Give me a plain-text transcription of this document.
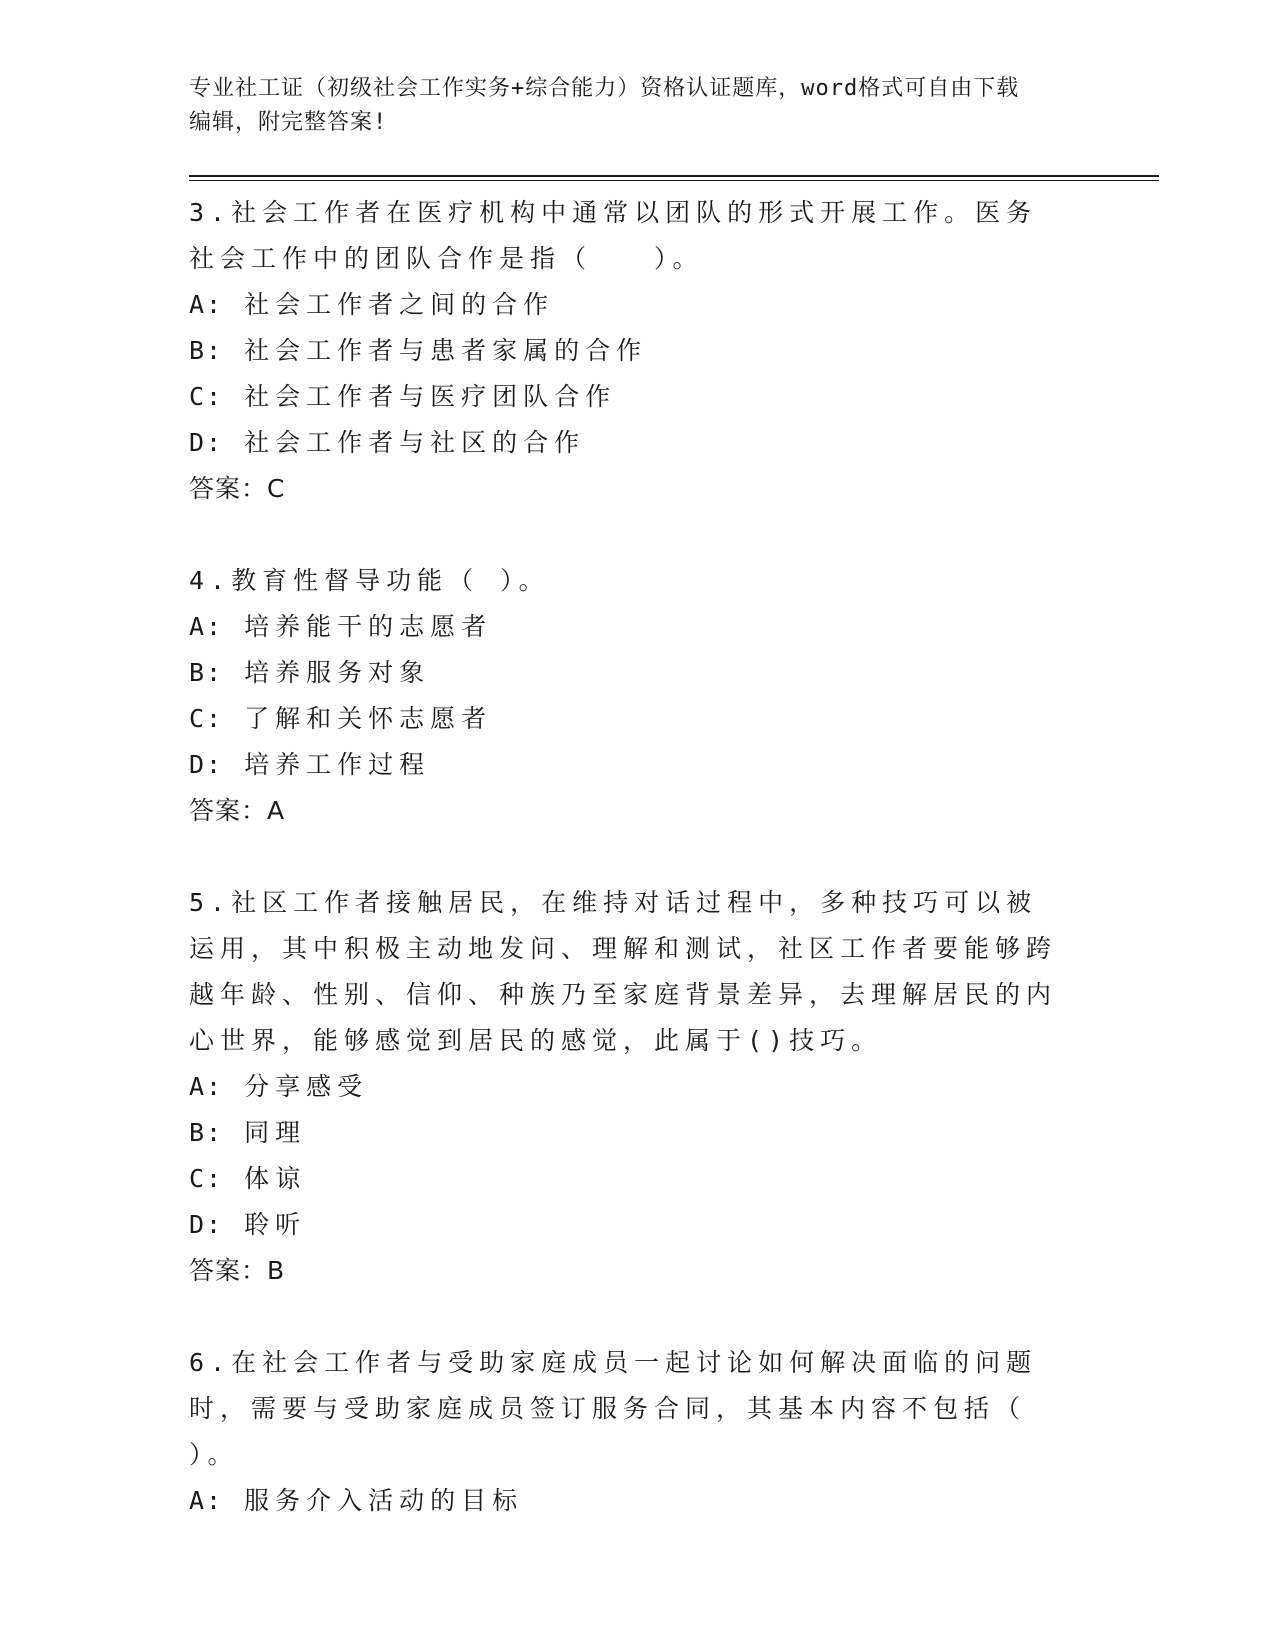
专业社工证（初级社会工作实务+综合能力）资格认证题库，word格式可自由下载
编辑，附完整答案!

3.社会工作者在医疗机构中通常以团队的形式开展工作。医务社会工作中的团队合作是指（　　）。

A: 社会工作者之间的合作

B: 社会工作者与患者家属的合作

C: 社会工作者与医疗团队合作

D: 社会工作者与社区的合作

答案：C

4.教育性督导功能（ ）。

A: 培养能干的志愿者

B: 培养服务对象

C: 了解和关怀志愿者

D: 培养工作过程

答案：A

5.社区工作者接触居民，在维持对话过程中，多种技巧可以被运用，其中积极主动地发问、理解和测试，社区工作者要能够跨越年龄、性别、信仰、种族乃至家庭背景差异，去理解居民的内心世界，能够感觉到居民的感觉，此属于()技巧。

A: 分享感受

B: 同理

C: 体谅

D: 聆听

答案：B

6.在社会工作者与受助家庭成员一起讨论如何解决面临的问题时，需要与受助家庭成员签订服务合同，其基本内容不包括（ ）。

A: 服务介入活动的目标
